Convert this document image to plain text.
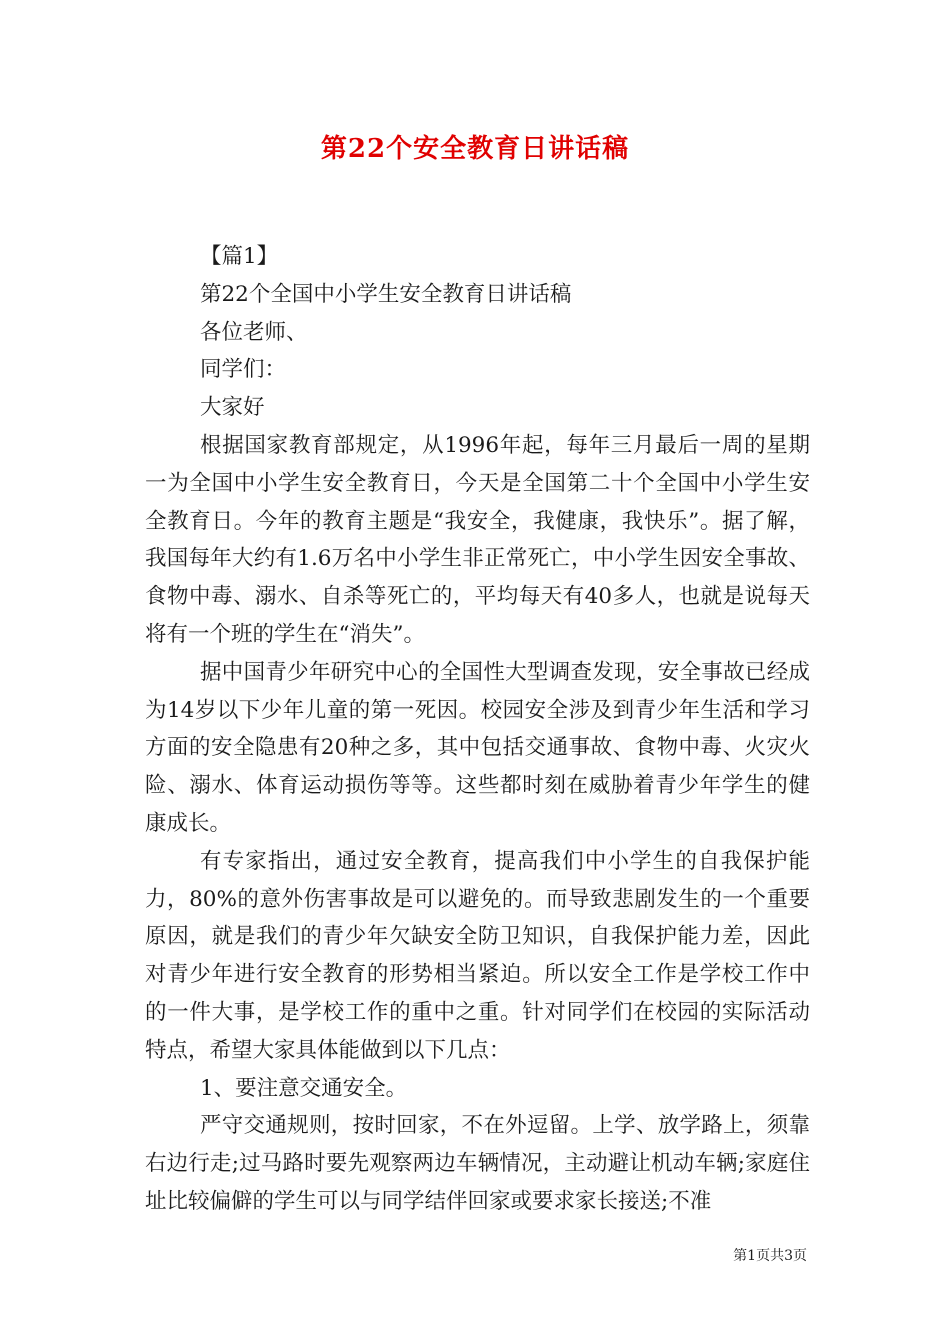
第22个安全教育日讲话稿

【篇1】

第22个全国中小学生安全教育日讲话稿

各位老师、

同学们：

大家好

根据国家教育部规定，从1996年起，每年三月最后一周的星期一为全国中小学生安全教育日，今天是全国第二十个全国中小学生安全教育日。今年的教育主题是“我安全，我健康，我快乐”。据了解，我国每年大约有1.6万名中小学生非正常死亡，中小学生因安全事故、食物中毒、溺水、自杀等死亡的，平均每天有40多人，也就是说每天将有一个班的学生在“消失”。

据中国青少年研究中心的全国性大型调查发现，安全事故已经成为14岁以下少年儿童的第一死因。校园安全涉及到青少年生活和学习方面的安全隐患有20种之多，其中包括交通事故、食物中毒、火灾火险、溺水、体育运动损伤等等。这些都时刻在威胁着青少年学生的健康成长。

有专家指出，通过安全教育，提高我们中小学生的自我保护能力，80%的意外伤害事故是可以避免的。而导致悲剧发生的一个重要原因，就是我们的青少年欠缺安全防卫知识，自我保护能力差，因此对青少年进行安全教育的形势相当紧迫。所以安全工作是学校工作中的一件大事，是学校工作的重中之重。针对同学们在校园的实际活动特点，希望大家具体能做到以下几点：

1、要注意交通安全。

严守交通规则，按时回家，不在外逗留。上学、放学路上，须靠右边行走;过马路时要先观察两边车辆情况，主动避让机动车辆;家庭住址比较偏僻的学生可以与同学结伴回家或要求家长接送;不准

第1页共3页
